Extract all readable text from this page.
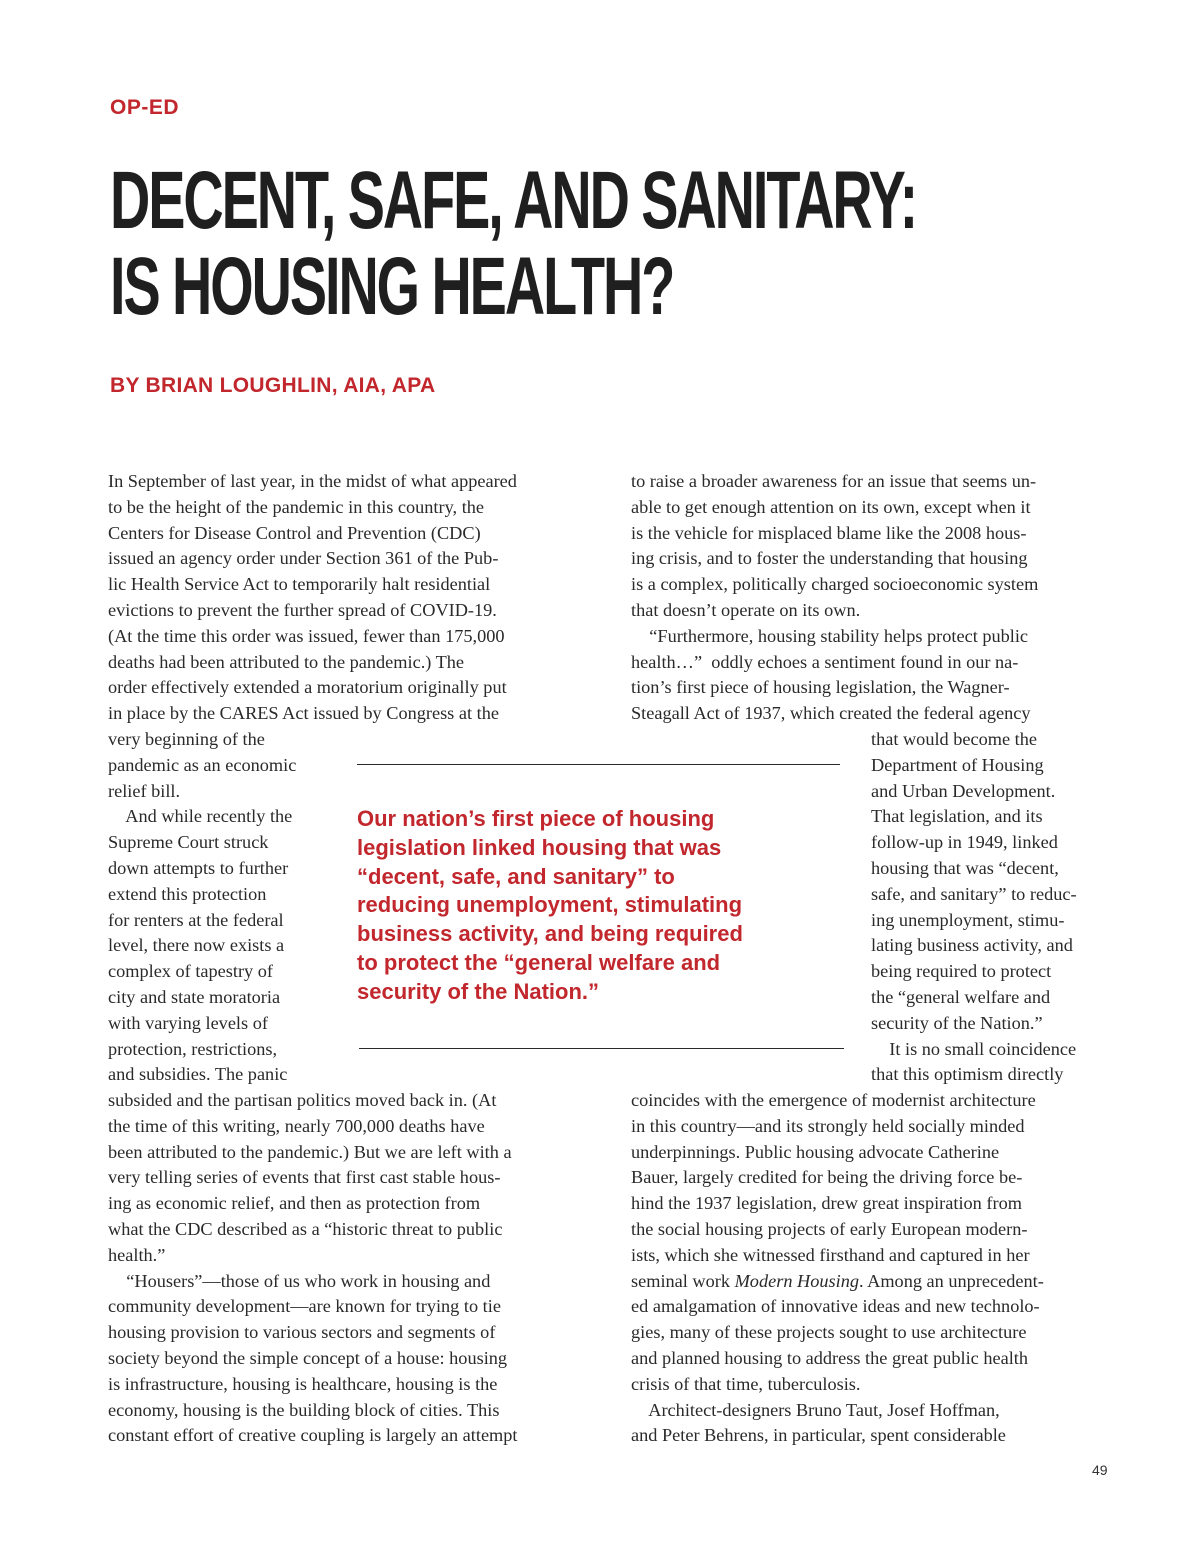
OP-ED
DECENT, SAFE, AND SANITARY:
IS HOUSING HEALTH?
BY BRIAN LOUGHLIN, AIA, APA
In September of last year, in the midst of what appeared
to be the height of the pandemic in this country, the
Centers for Disease Control and Prevention (CDC)
issued an agency order under Section 361 of the Pub-
lic Health Service Act to temporarily halt residential
evictions to prevent the further spread of COVID-19.
(At the time this order was issued, fewer than 175,000
deaths had been attributed to the pandemic.) The
order effectively extended a moratorium originally put
in place by the CARES Act issued by Congress at the
very beginning of the
pandemic as an economic
relief bill.
And while recently the
Supreme Court struck
down attempts to further
extend this protection
for renters at the federal
level, there now exists a
complex of tapestry of
city and state moratoria
with varying levels of
protection, restrictions,
and subsidies. The panic
subsided and the partisan politics moved back in. (At
the time of this writing, nearly 700,000 deaths have
been attributed to the pandemic.) But we are left with a
very telling series of events that first cast stable hous-
ing as economic relief, and then as protection from
what the CDC described as a “historic threat to public
health.”
“Housers”—those of us who work in housing and
community development—are known for trying to tie
housing provision to various sectors and segments of
society beyond the simple concept of a house: housing
is infrastructure, housing is healthcare, housing is the
economy, housing is the building block of cities. This
constant effort of creative coupling is largely an attempt
to raise a broader awareness for an issue that seems un-
able to get enough attention on its own, except when it
is the vehicle for misplaced blame like the 2008 hous-
ing crisis, and to foster the understanding that housing
is a complex, politically charged socioeconomic system
that doesn’t operate on its own.
“Furthermore, housing stability helps protect public
health…”  oddly echoes a sentiment found in our na-
tion’s first piece of housing legislation, the Wagner-
Steagall Act of 1937, which created the federal agency
that would become the
Department of Housing
and Urban Development.
That legislation, and its
follow-up in 1949, linked
housing that was “decent,
safe, and sanitary” to reduc-
ing unemployment, stimu-
lating business activity, and
being required to protect
the “general welfare and
security of the Nation.”
It is no small coincidence
that this optimism directly
coincides with the emergence of modernist architecture
in this country—and its strongly held socially minded
underpinnings. Public housing advocate Catherine
Bauer, largely credited for being the driving force be-
hind the 1937 legislation, drew great inspiration from
the social housing projects of early European modern-
ists, which she witnessed firsthand and captured in her
seminal work Modern Housing. Among an unprecedent-
ed amalgamation of innovative ideas and new technolo-
gies, many of these projects sought to use architecture
and planned housing to address the great public health
crisis of that time, tuberculosis.
Architect-designers Bruno Taut, Josef Hoffman,
and Peter Behrens, in particular, spent considerable
Our nation’s first piece of housing
legislation linked housing that was
“decent, safe, and sanitary” to
reducing unemployment, stimulating
business activity, and being required
to protect the “general welfare and
security of the Nation.”
49
